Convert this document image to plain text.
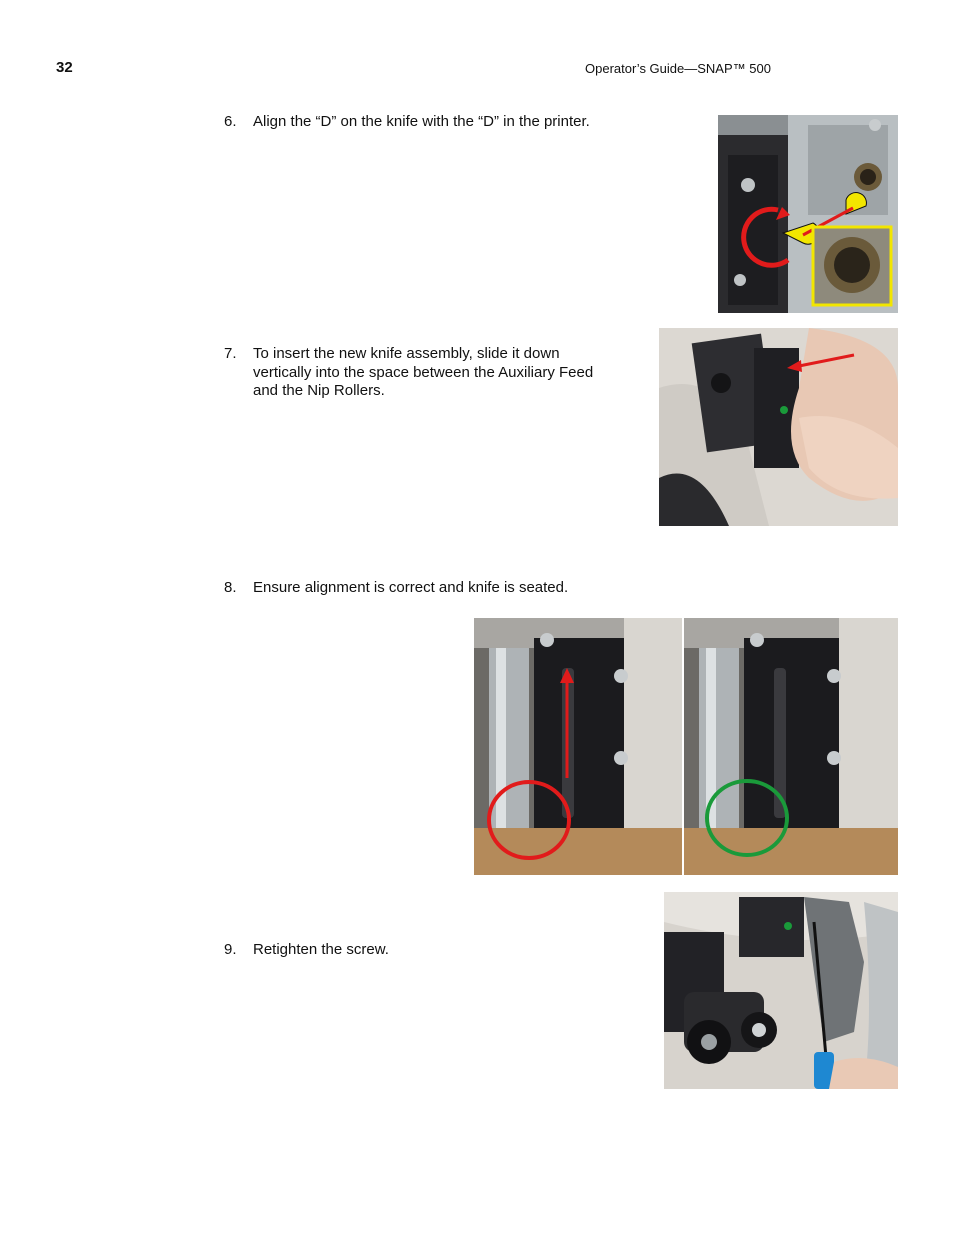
32	Operator’s Guide—SNAP™ 500
6. Align the “D” on the knife with the “D” in the printer.
7. To insert the new knife assembly, slide it down
vertically into the space between the Auxiliary Feed
and the Nip Rollers.
8. Ensure alignment is correct and knife is seated.
9. Retighten the screw.
